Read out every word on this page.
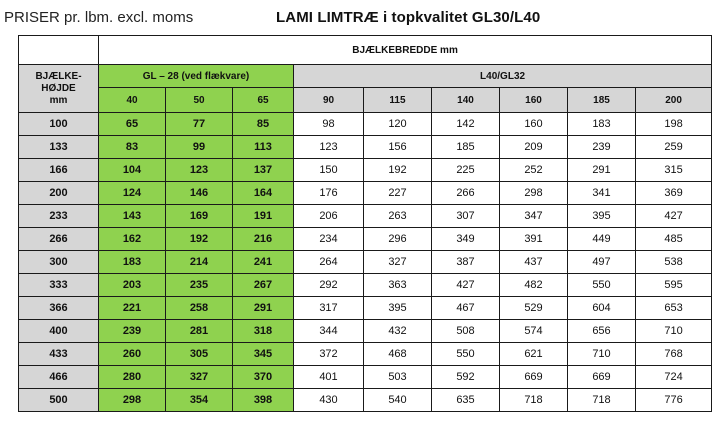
PRISER pr. lbm. excl. moms	LAMI LIMTRÆ i topkvalitet GL30/L40
	BJÆLKEBREDDE mm								
BJÆLKE-
HØJDE
mm	GL – 28 (ved flækvare)			L40/GL32					
	40	50	65	90	115	140	160	185	200
100	65	77	85	98	120	142	160	183	198
133	83	99	113	123	156	185	209	239	259
166	104	123	137	150	192	225	252	291	315
200	124	146	164	176	227	266	298	341	369
233	143	169	191	206	263	307	347	395	427
266	162	192	216	234	296	349	391	449	485
300	183	214	241	264	327	387	437	497	538
333	203	235	267	292	363	427	482	550	595
366	221	258	291	317	395	467	529	604	653
400	239	281	318	344	432	508	574	656	710
433	260	305	345	372	468	550	621	710	768
466	280	327	370	401	503	592	669	669	724
500	298	354	398	430	540	635	718	718	776
